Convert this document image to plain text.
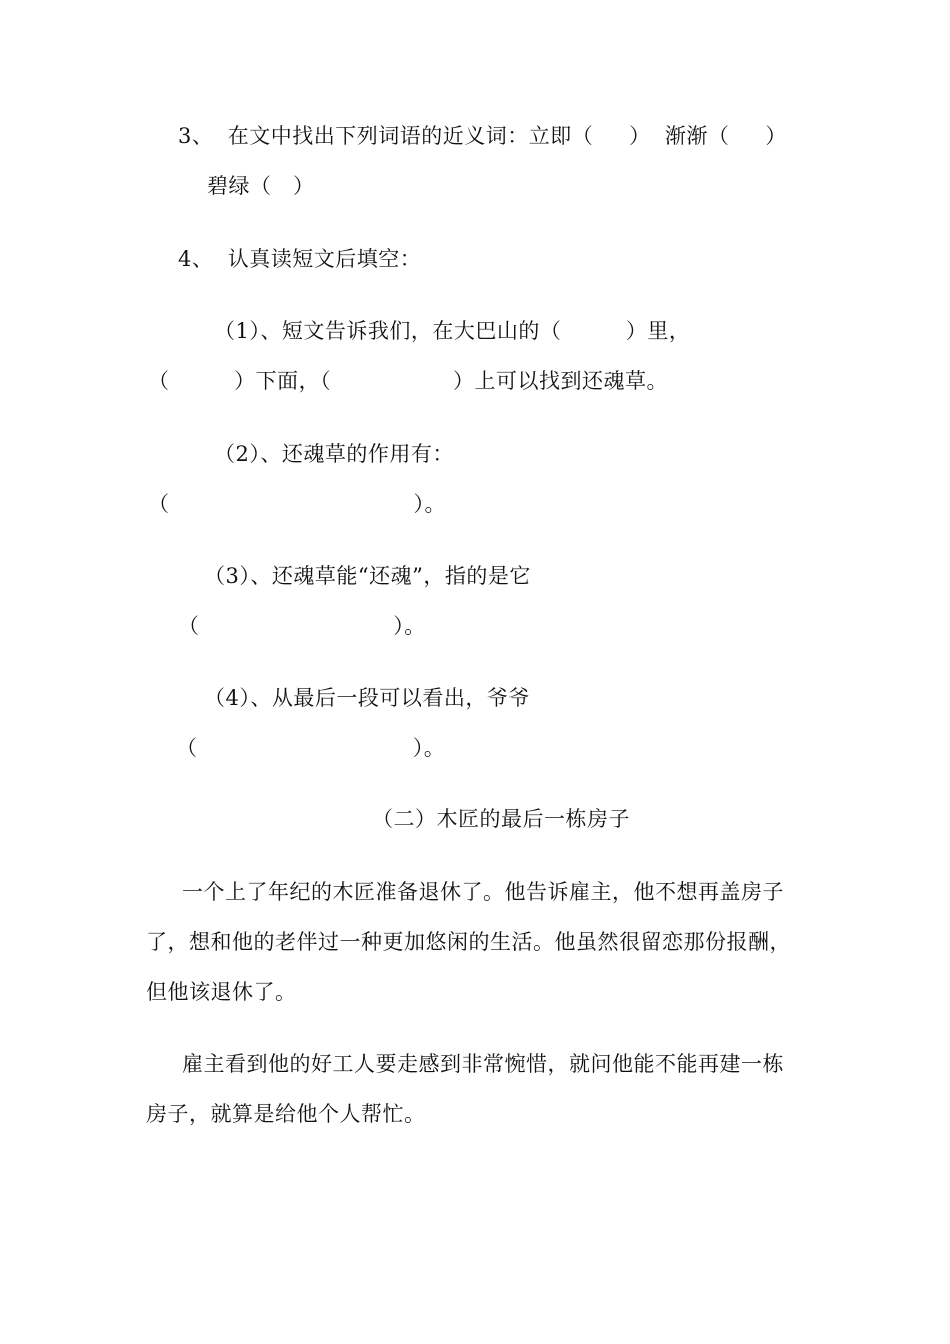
3、  在文中找出下列词语的近义词：立即（     ）  渐渐（     ）
碧绿（   ）
4、  认真读短文后填空：
（1）、短文告诉我们，在大巴山的（         ）里，
（         ）下面，（                 ）上可以找到还魂草。
（2）、还魂草的作用有：
（                                  ）。
（3）、还魂草能“还魂”，指的是它
（                           ）。
（4）、从最后一段可以看出，爷爷
（                              ）。
（二）木匠的最后一栋房子
一个上了年纪的木匠准备退休了。他告诉雇主，他不想再盖房子
了，想和他的老伴过一种更加悠闲的生活。他虽然很留恋那份报酬，
但他该退休了。
雇主看到他的好工人要走感到非常惋惜，就问他能不能再建一栋
房子，就算是给他个人帮忙。
